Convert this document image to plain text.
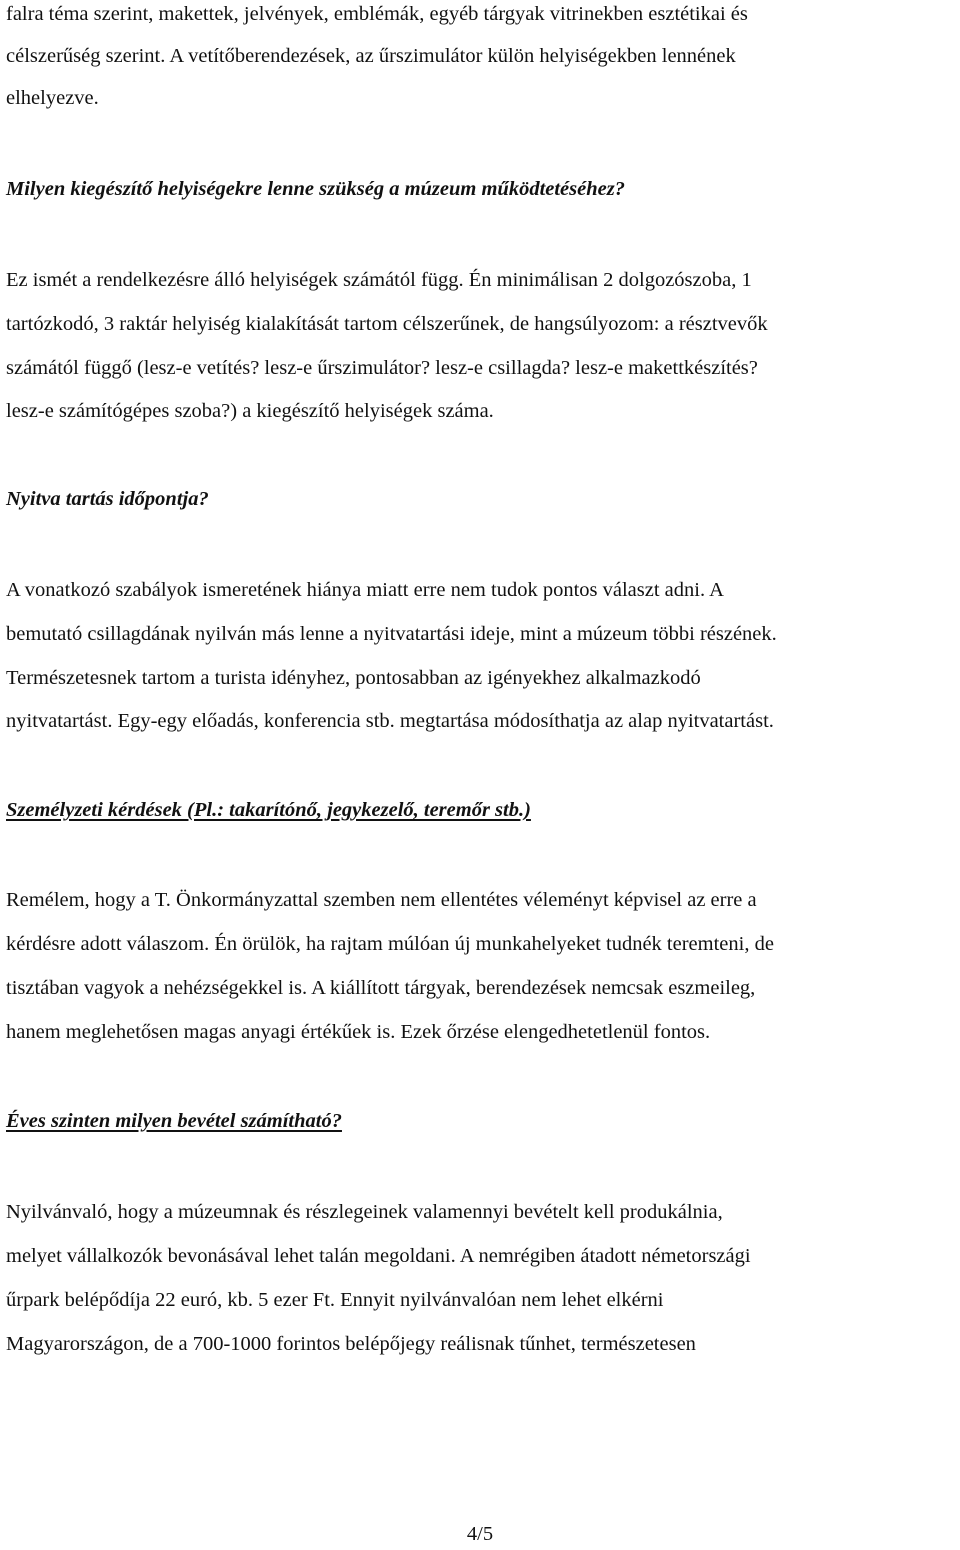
falra téma szerint, makettek, jelvények, emblémák, egyéb tárgyak vitrinekben esztétikai és
célszerűség szerint. A vetítőberendezések, az űrszimulátor külön helyiségekben lennének
elhelyezve.
Milyen kiegészítő helyiségekre lenne szükség a múzeum működtetéséhez?
Ez ismét a rendelkezésre álló helyiségek számától függ. Én minimálisan 2 dolgozószoba, 1
tartózkodó, 3 raktár helyiség kialakítását tartom célszerűnek, de hangsúlyozom: a résztvevők
számától függő (lesz-e vetítés? lesz-e űrszimulátor? lesz-e csillagda? lesz-e makettkészítés?
lesz-e számítógépes szoba?) a kiegészítő helyiségek száma.
Nyitva tartás időpontja?
A vonatkozó szabályok ismeretének hiánya miatt erre nem tudok pontos választ adni. A
bemutató csillagdának nyilván más lenne a nyitvatartási ideje, mint a múzeum többi részének.
Természetesnek tartom a turista idényhez, pontosabban az igényekhez alkalmazkodó
nyitvatartást. Egy-egy előadás, konferencia stb. megtartása módosíthatja az alap nyitvatartást.
Személyzeti kérdések (Pl.: takarítónő, jegykezelő, teremőr stb.)
Remélem, hogy a T. Önkormányzattal szemben nem ellentétes véleményt képvisel az erre a
kérdésre adott válaszom. Én örülök, ha rajtam múlóan új munkahelyeket tudnék teremteni, de
tisztában vagyok a nehézségekkel is. A kiállított tárgyak, berendezések nemcsak eszmeileg,
hanem meglehetősen magas anyagi értékűek is. Ezek őrzése elengedhetetlenül fontos.
Éves szinten milyen bevétel számítható?
Nyilvánvaló, hogy a múzeumnak és részlegeinek valamennyi bevételt kell produkálnia,
melyet vállalkozók bevonásával lehet talán megoldani. A nemrégiben átadott németországi
űrpark belépődíja 22 euró, kb. 5 ezer Ft. Ennyit nyilvánvalóan nem lehet elkérni
Magyarországon, de a 700-1000 forintos belépőjegy reálisnak tűnhet, természetesen
4/5
